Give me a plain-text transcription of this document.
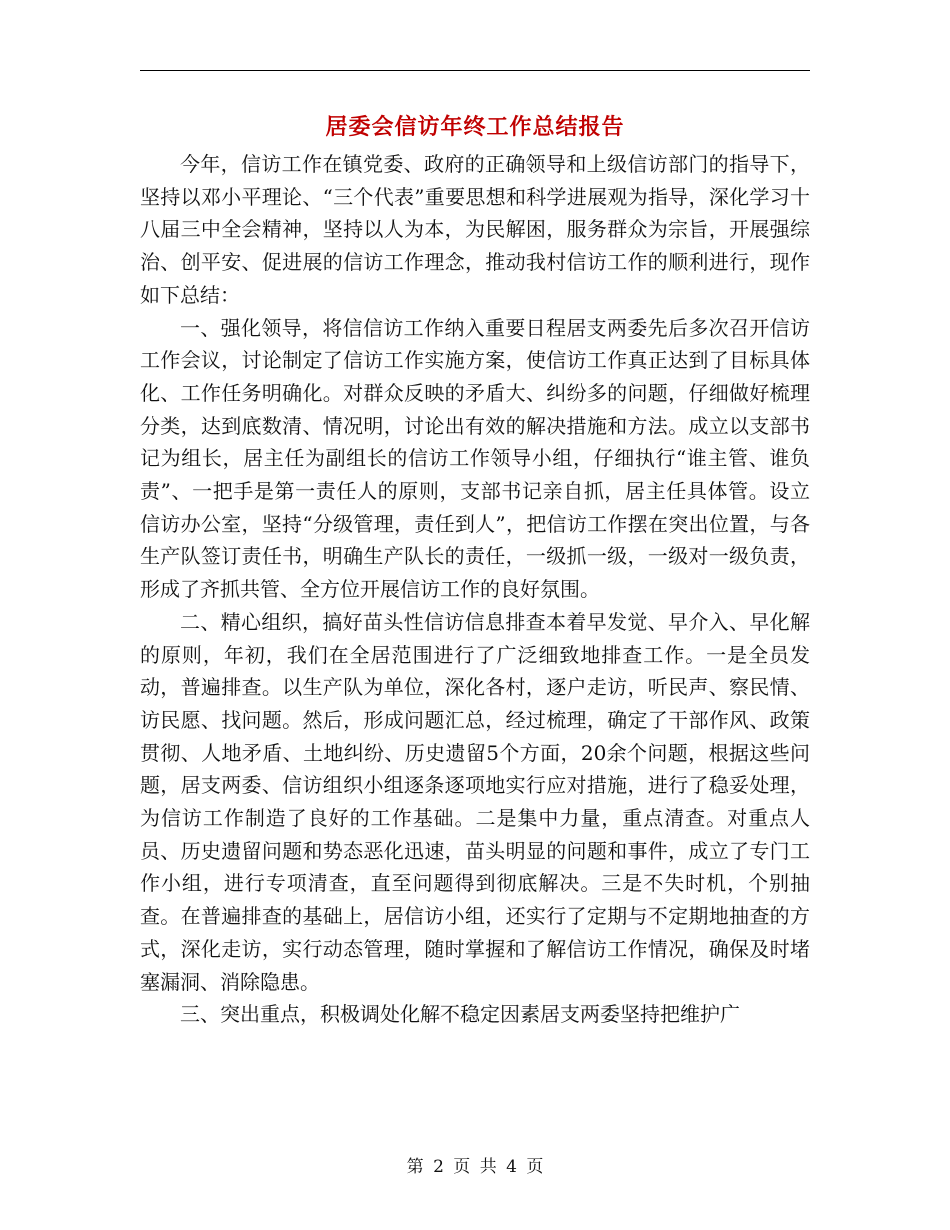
居委会信访年终工作总结报告

今年，信访工作在镇党委、政府的正确领导和上级信访部门的指导下，坚持以邓小平理论、“三个代表”重要思想和科学进展观为指导，深化学习十八届三中全会精神，坚持以人为本，为民解困，服务群众为宗旨，开展强综治、创平安、促进展的信访工作理念，推动我村信访工作的顺利进行，现作如下总结：

一、强化领导，将信信访工作纳入重要日程居支两委先后多次召开信访工作会议，讨论制定了信访工作实施方案，使信访工作真正达到了目标具体化、工作任务明确化。对群众反映的矛盾大、纠纷多的问题，仔细做好梳理分类，达到底数清、情况明，讨论出有效的解决措施和方法。成立以支部书记为组长，居主任为副组长的信访工作领导小组，仔细执行“谁主管、谁负责”、一把手是第一责任人的原则，支部书记亲自抓，居主任具体管。设立信访办公室，坚持“分级管理，责任到人”，把信访工作摆在突出位置，与各生产队签订责任书，明确生产队长的责任，一级抓一级，一级对一级负责，形成了齐抓共管、全方位开展信访工作的良好氛围。

二、精心组织，搞好苗头性信访信息排查本着早发觉、早介入、早化解的原则，年初，我们在全居范围进行了广泛细致地排查工作。一是全员发动，普遍排查。以生产队为单位，深化各村，逐户走访，听民声、察民情、访民愿、找问题。然后，形成问题汇总，经过梳理，确定了干部作风、政策贯彻、人地矛盾、土地纠纷、历史遗留5个方面，20余个问题，根据这些问题，居支两委、信访组织小组逐条逐项地实行应对措施，进行了稳妥处理，为信访工作制造了良好的工作基础。二是集中力量，重点清查。对重点人员、历史遗留问题和势态恶化迅速，苗头明显的问题和事件，成立了专门工作小组，进行专项清查，直至问题得到彻底解决。三是不失时机，个别抽查。在普遍排查的基础上，居信访小组，还实行了定期与不定期地抽查的方式，深化走访，实行动态管理，随时掌握和了解信访工作情况，确保及时堵塞漏洞、消除隐患。

三、突出重点，积极调处化解不稳定因素居支两委坚持把维护广

第 2 页 共 4 页
